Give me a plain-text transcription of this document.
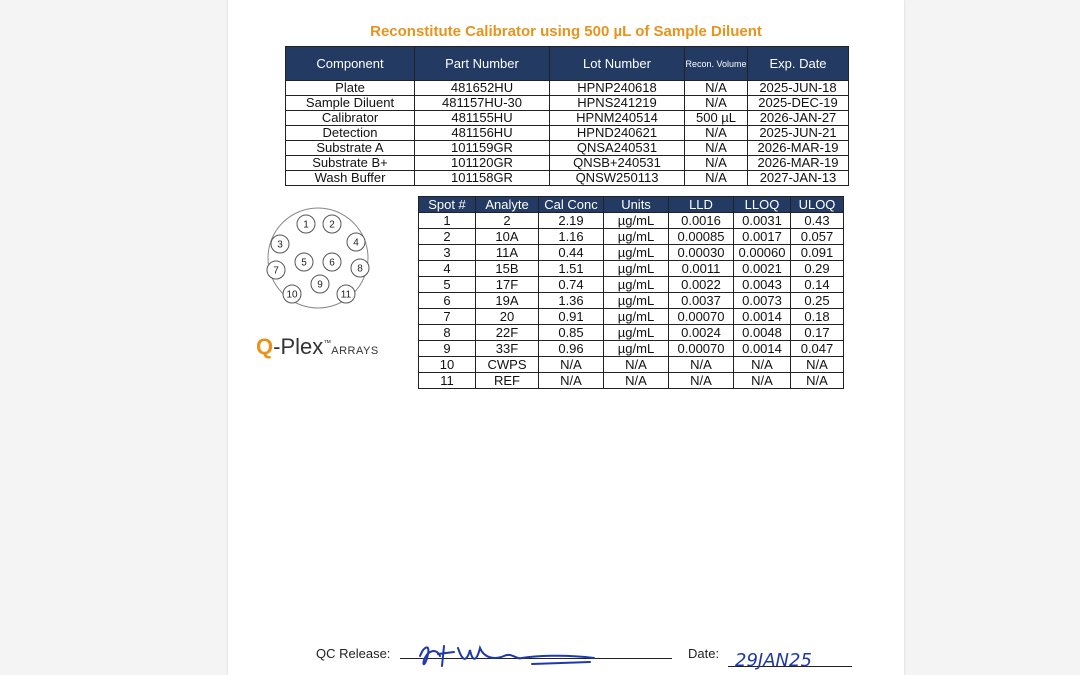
Reconstitute Calibrator using 500 µL of Sample Diluent
Component	Part Number	Lot Number	Recon. Volume	Exp. Date
Plate	481652HU	HPNP240618	N/A	2025-JUN-18
Sample Diluent	481157HU-30	HPNS241219	N/A	2025-DEC-19
Calibrator	481155HU	HPNM240514	500 µL	2026-JAN-27
Detection	481156HU	HPND240621	N/A	2025-JUN-21
Substrate A	101159GR	QNSA240531	N/A	2026-MAR-19
Substrate B+	101120GR	QNSB+240531	N/A	2026-MAR-19
Wash Buffer	101158GR	QNSW250113	N/A	2027-JAN-13
1 2
3	4
5 6
7	8
9
10	11
Q-Plex™ARRAYS
Spot #	Analyte	Cal Conc	Units	LLD	LLOQ	ULOQ
1	2	2.19	µg/mL	0.0016	0.0031	0.43
2	10A	1.16	µg/mL	0.00085	0.0017	0.057
3	11A	0.44	µg/mL	0.00030	0.00060	0.091
4	15B	1.51	µg/mL	0.0011	0.0021	0.29
5	17F	0.74	µg/mL	0.0022	0.0043	0.14
6	19A	1.36	µg/mL	0.0037	0.0073	0.25
7	20	0.91	µg/mL	0.00070	0.0014	0.18
8	22F	0.85	µg/mL	0.0024	0.0048	0.17
9	33F	0.96	µg/mL	0.00070	0.0014	0.047
10	CWPS	N/A	N/A	N/A	N/A	N/A
11	REF	N/A	N/A	N/A	N/A	N/A
QC Release:	Date: 29JAN25
